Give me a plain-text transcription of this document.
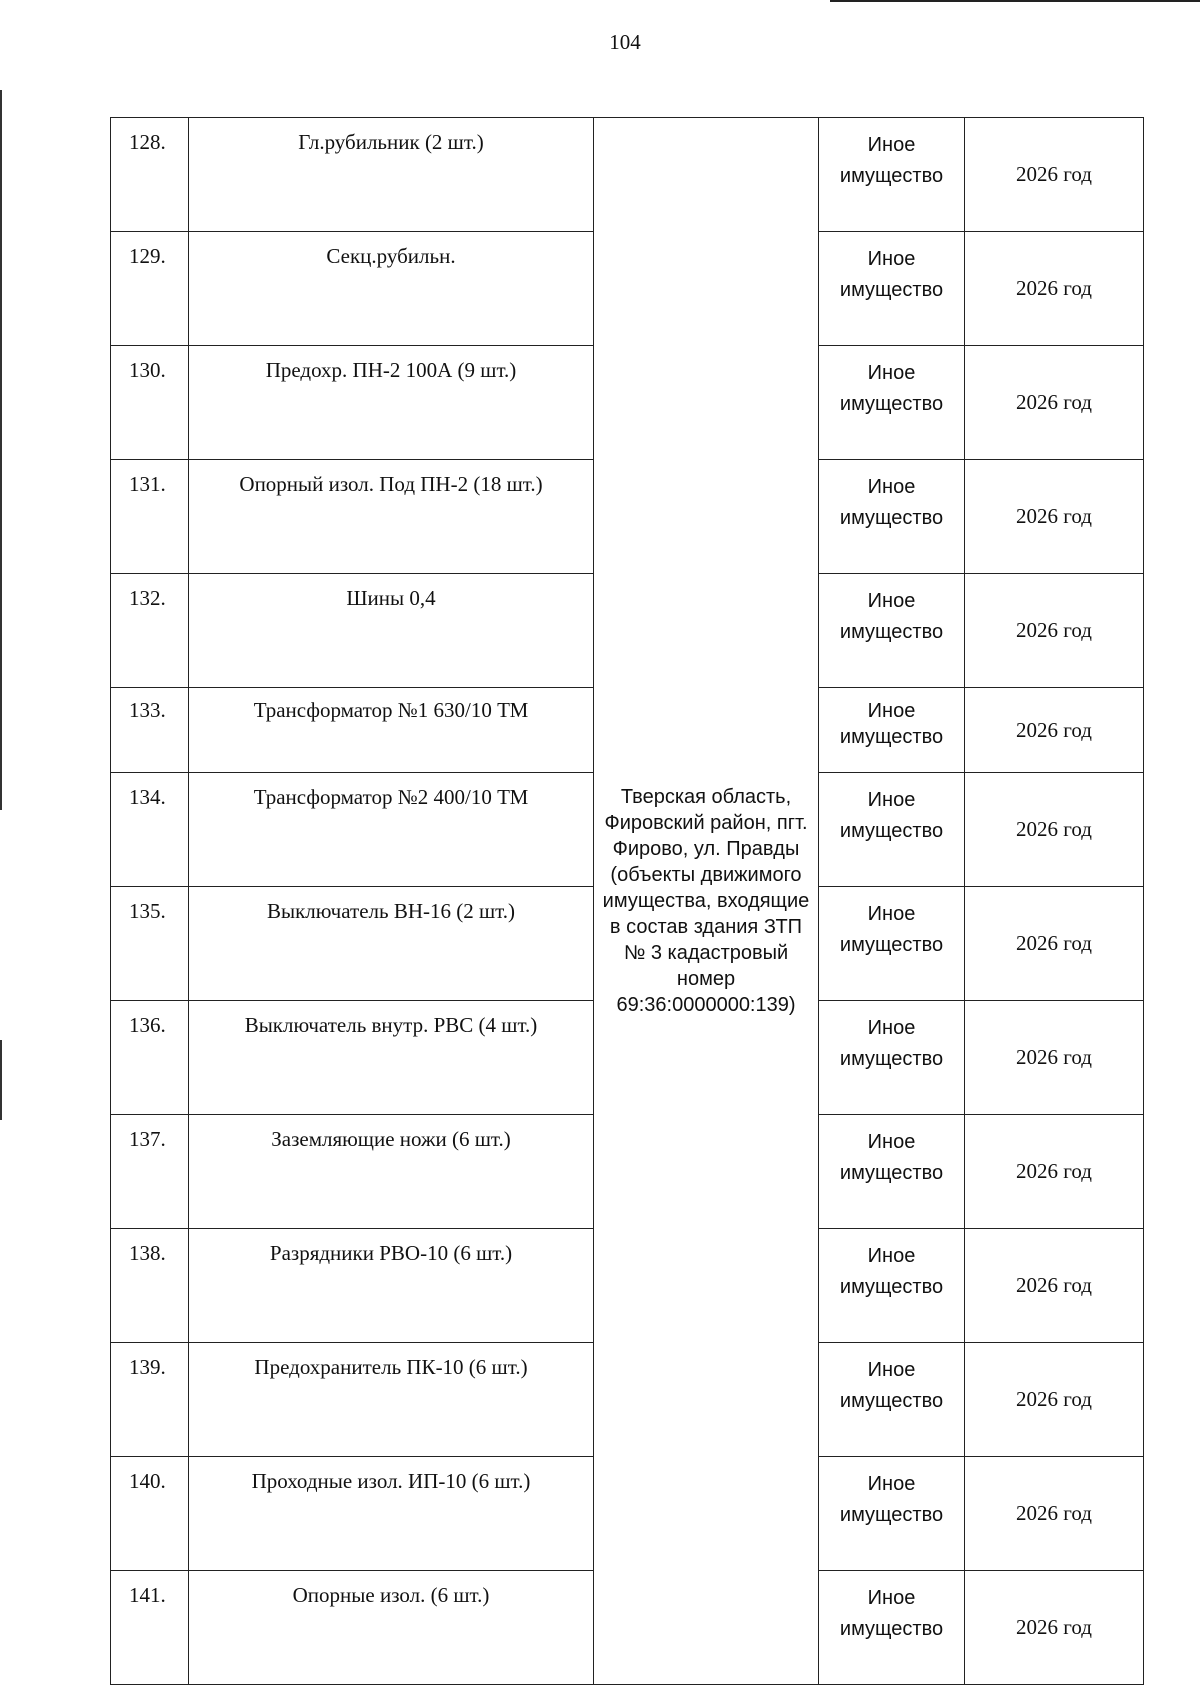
104
128.	Гл.рубильник (2 шт.)	Тверская область, Фировский район, пгт. Фирово, ул. Правды (объекты движимого имущества, входящие в состав здания ЗТП № 3 кадастровый номер 69:36:0000000:139)	Иное имущество	2026 год
129.	Секц.рубильн.		Иное имущество	2026 год
130.	Предохр. ПН-2 100А (9 шт.)		Иное имущество	2026 год
131.	Опорный изол. Под ПН-2 (18 шт.)		Иное имущество	2026 год
132.	Шины 0,4		Иное имущество	2026 год
133.	Трансформатор №1 630/10 ТМ		Иное имущество	2026 год
134.	Трансформатор №2 400/10 ТМ		Иное имущество	2026 год
135.	Выключатель ВН-16 (2 шт.)		Иное имущество	2026 год
136.	Выключатель внутр. РВС (4 шт.)		Иное имущество	2026 год
137.	Заземляющие ножи (6 шт.)		Иное имущество	2026 год
138.	Разрядники РВО-10 (6 шт.)		Иное имущество	2026 год
139.	Предохранитель ПК-10 (6 шт.)		Иное имущество	2026 год
140.	Проходные изол. ИП-10 (6 шт.)		Иное имущество	2026 год
141.	Опорные изол. (6 шт.)		Иное имущество	2026 год
